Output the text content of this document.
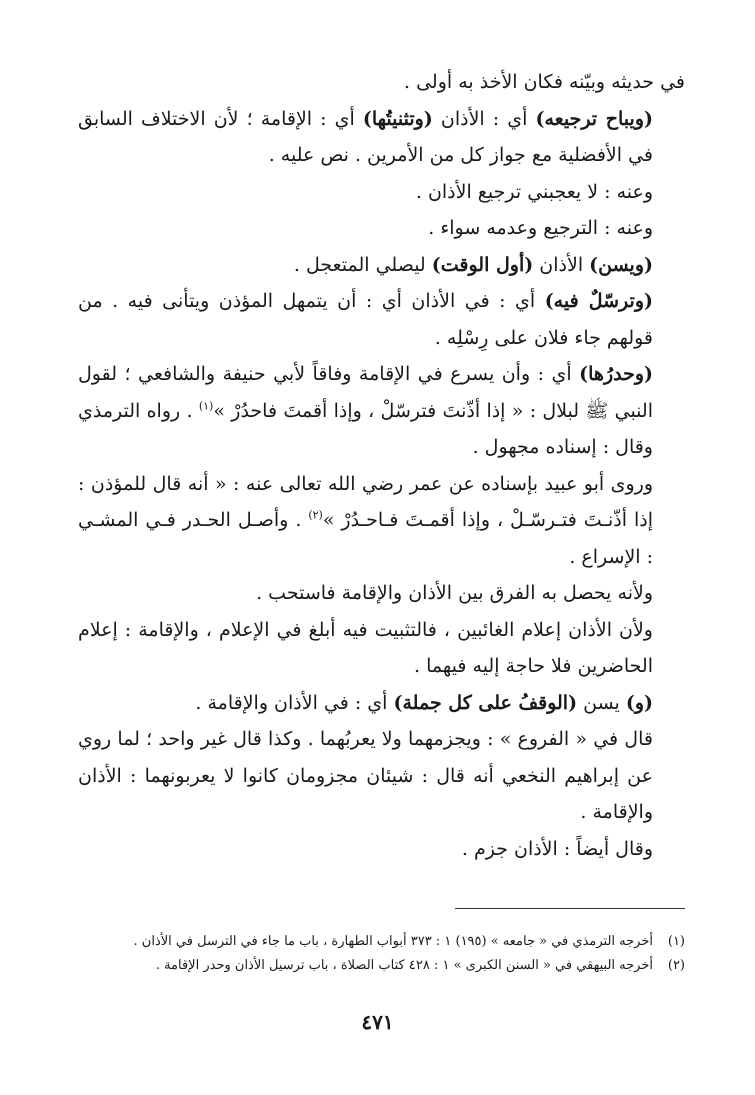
في حديثه وبيّنه فكان الأخذ به أولى .

(ويباح ترجيعه) أي : الأذان (وتثنيتُها) أي : الإقامة ؛ لأن الاختلاف السابق في الأفضلية مع جواز كل من الأمرين . نص عليه .

وعنه : لا يعجبني ترجيع الأذان .

وعنه : الترجيع وعدمه سواء .

(ويسن) الأذان (أول الوقت) ليصلي المتعجل .

(وترسّلٌ فيه) أي : في الأذان أي : أن يتمهل المؤذن ويتأنى فيه . من قولهم جاء فلان على رِسْلِه .

(وحدرُها) أي : وأن يسرع في الإقامة وفاقاً لأبي حنيفة والشافعي ؛ لقول النبي ﷺ لبلال : « إذا أذّنتَ فترسّلْ ، وإذا أقمتَ فاحدُرْ »$^{(١)}$ . رواه الترمذي وقال : إسناده مجهول .

وروى أبو عبيد بإسناده عن عمر رضي الله تعالى عنه : « أنه قال للمؤذن : إذا أذّنـتَ فتـرسّـلْ ، وإذا أقمـتَ فـاحـدُرْ »$^{(٢)}$ . وأصـل الحـدر فـي المشـي : الإسراع .

ولأنه يحصل به الفرق بين الأذان والإقامة فاستحب .

ولأن الأذان إعلام الغائبين ، فالتثبيت فيه أبلغ في الإعلام ، والإقامة : إعلام الحاضرين فلا حاجة إليه فيهما .

(و) يسن (الوقفُ على كل جملة) أي : في الأذان والإقامة .

قال في « الفروع » : ويجزمهما ولا يعربُهما . وكذا قال غير واحد ؛ لما روي عن إبراهيم النخعي أنه قال : شيئان مجزومان كانوا لا يعربونهما : الأذان والإقامة .

وقال أيضاً : الأذان جزم .

(١)أخرجه الترمذي في « جامعه » (١٩٥) ١ : ٣٧٣ أبواب الطهارة ، باب ما جاء في الترسل في الأذان .
(٢)أخرجه البيهقي في « السنن الكبرى » ١ : ٤٢٨ كتاب الصلاة ، باب ترسيل الأذان وحدر الإقامة .
٤٧١
